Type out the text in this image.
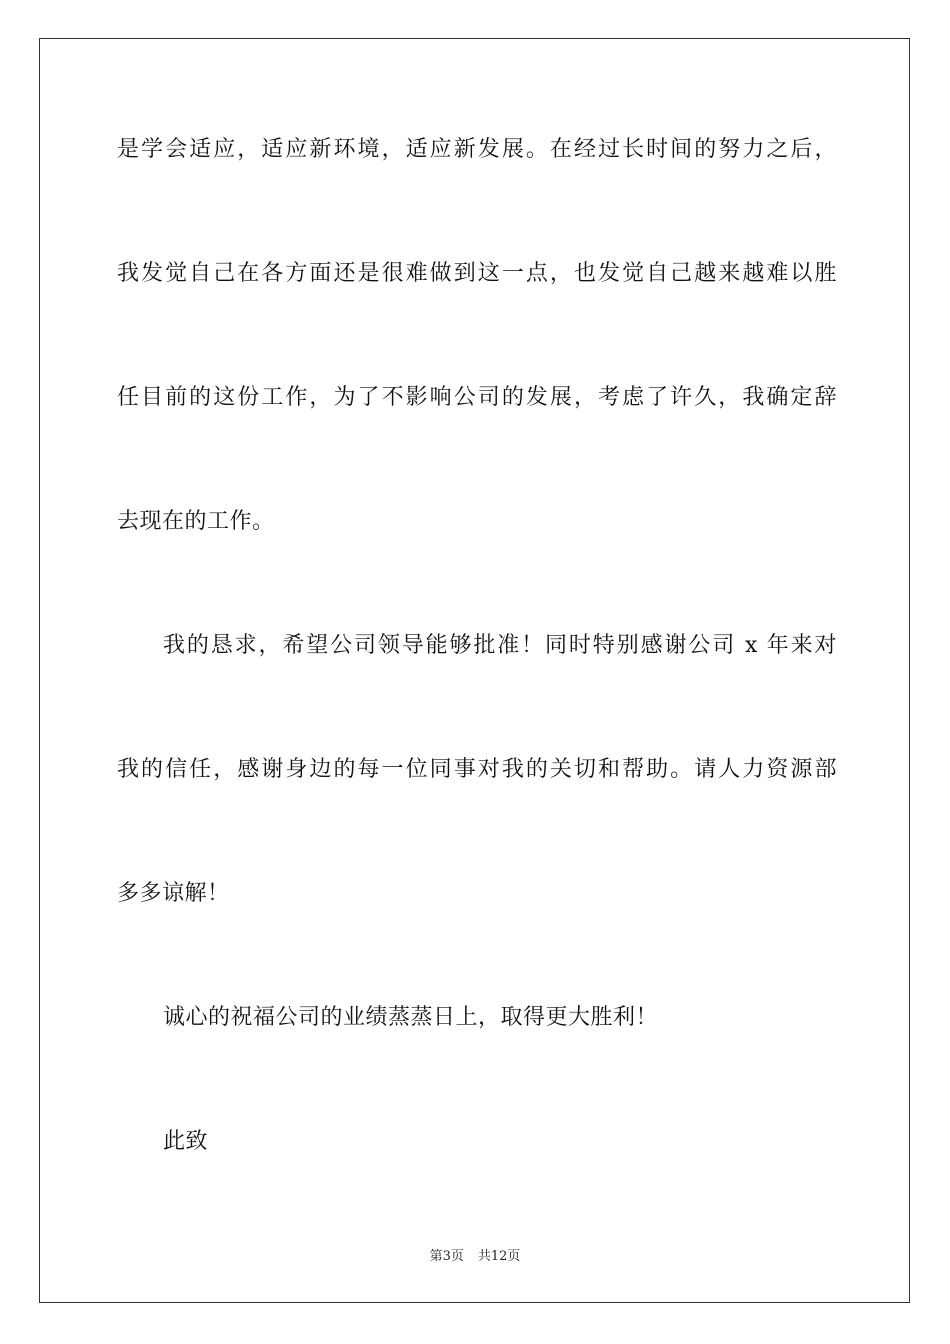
是学会适应，适应新环境，适应新发展。在经过长时间的努力之后，
我发觉自己在各方面还是很难做到这一点，也发觉自己越来越难以胜
任目前的这份工作，为了不影响公司的发展，考虑了许久，我确定辞
去现在的工作。
我的恳求，希望公司领导能够批准！同时特别感谢公司 x 年来对
我的信任，感谢身边的每一位同事对我的关切和帮助。请人力资源部
多多谅解！
诚心的祝福公司的业绩蒸蒸日上，取得更大胜利！
此致
第3页 共12页
